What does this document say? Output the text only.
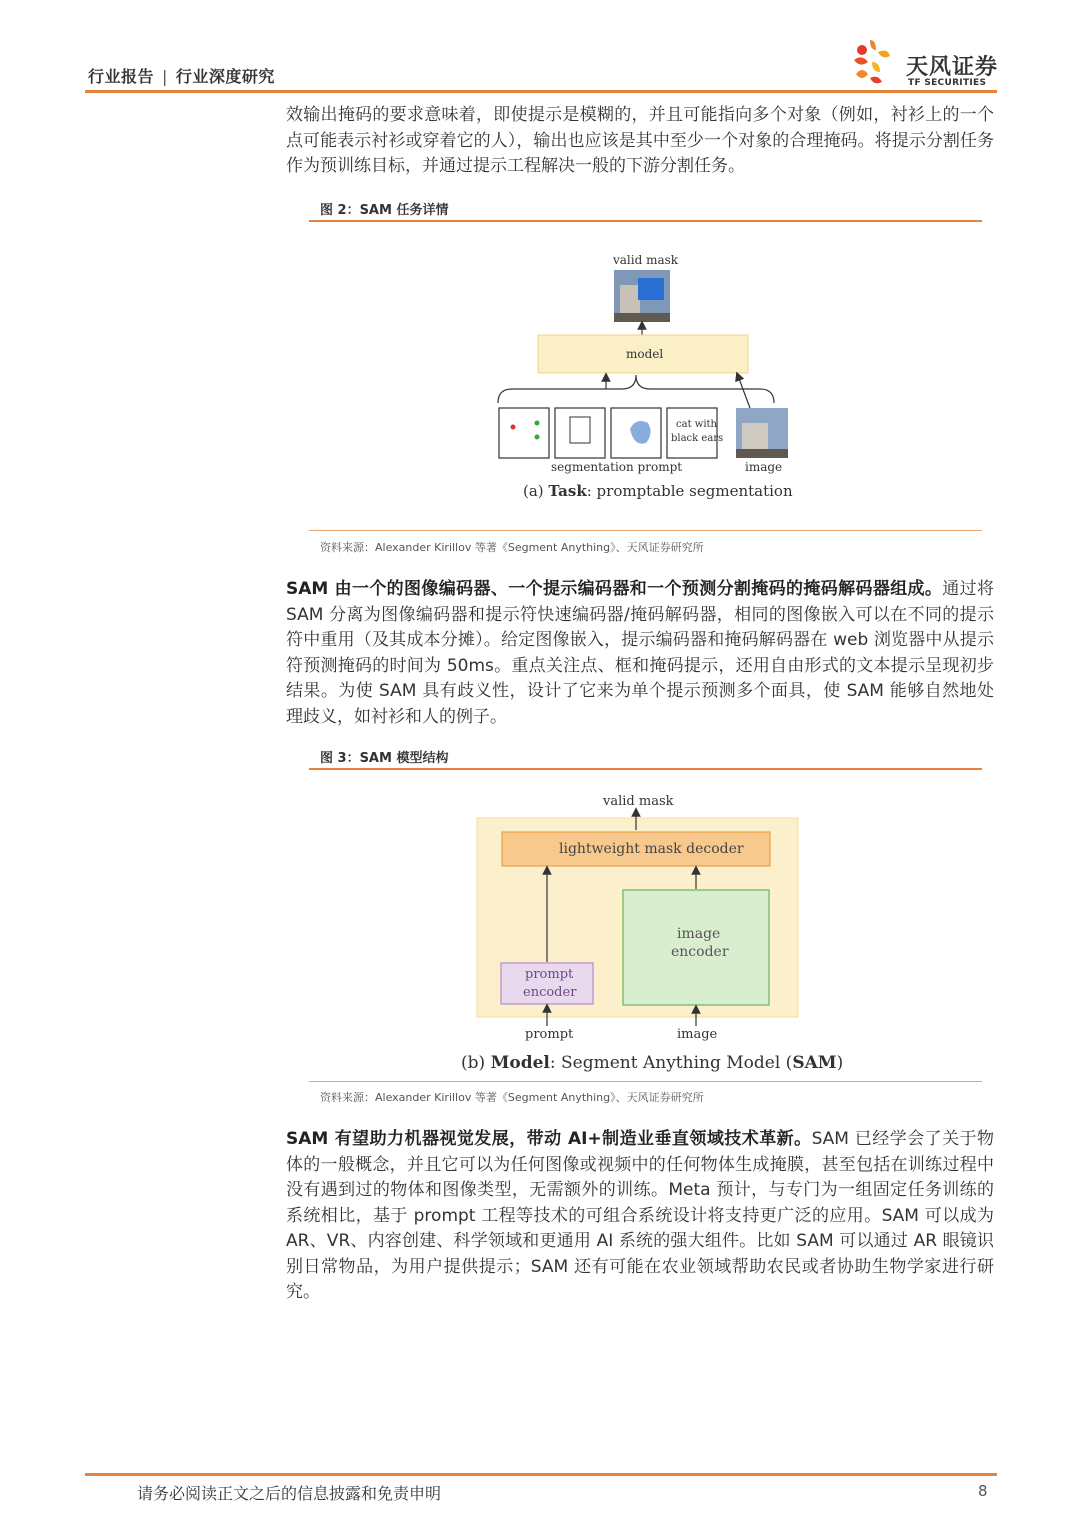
行业报告 | 行业深度研究	天风证券
TF SECURITIES

效输出掩码的要求意味着，即使提示是模糊的，并且可能指向多个对象（例如，衬衫上的一个点可能表示衬衫或穿着它的人），输出也应该是其中至少一个对象的合理掩码。将提示分割任务作为预训练目标，并通过提示工程解决一般的下游分割任务。

图 2：SAM 任务详情
valid mask
model
cat with
black ears
segmentation prompt	image
(a) Task: promptable segmentation
资料来源：Alexander Kirillov 等著《Segment Anything》、天风证券研究所

SAM 由一个的图像编码器、一个提示编码器和一个预测分割掩码的掩码解码器组成。通过将 SAM 分离为图像编码器和提示符快速编码器/掩码解码器，相同的图像嵌入可以在不同的提示符中重用（及其成本分摊）。给定图像嵌入，提示编码器和掩码解码器在 web 浏览器中从提示符预测掩码的时间为 50ms。重点关注点、框和掩码提示，还用自由形式的文本提示呈现初步结果。为使 SAM 具有歧义性，设计了它来为单个提示预测多个面具，使 SAM 能够自然地处理歧义，如衬衫和人的例子。

图 3：SAM 模型结构
valid mask
lightweight mask decoder
image
encoder
prompt
encoder
prompt	image
(b) Model: Segment Anything Model (SAM)
资料来源：Alexander Kirillov 等著《Segment Anything》、天风证券研究所

SAM 有望助力机器视觉发展，带动 AI+制造业垂直领域技术革新。SAM 已经学会了关于物体的一般概念，并且它可以为任何图像或视频中的任何物体生成掩膜，甚至包括在训练过程中没有遇到过的物体和图像类型，无需额外的训练。Meta 预计，与专门为一组固定任务训练的系统相比，基于 prompt 工程等技术的可组合系统设计将支持更广泛的应用。SAM 可以成为 AR、VR、内容创建、科学领域和更通用 AI 系统的强大组件。比如 SAM 可以通过 AR 眼镜识别日常物品，为用户提供提示；SAM 还有可能在农业领域帮助农民或者协助生物学家进行研究。

请务必阅读正文之后的信息披露和免责申明	8
